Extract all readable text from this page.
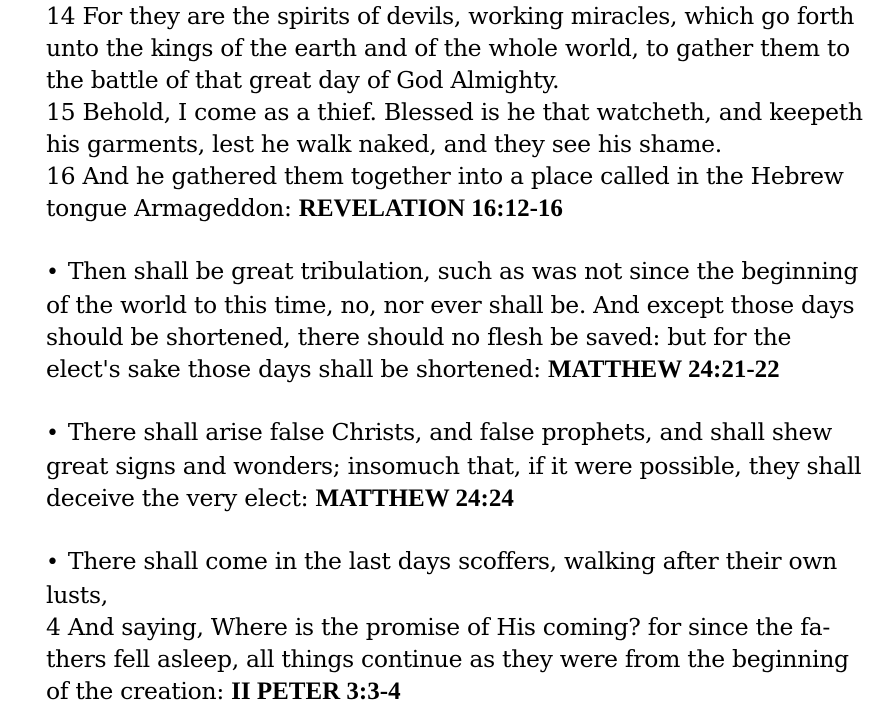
14 For they are the spirits of devils, working miracles, which go forth
unto the kings of the earth and of the whole world, to gather them to
the battle of that great day of God Almighty.
15 Behold, I come as a thief. Blessed is he that watcheth, and keepeth
his garments, lest he walk naked, and they see his shame.
16 And he gathered them together into a place called in the Hebrew
tongue Armageddon: REVELATION 16:12-16
• Then shall be great tribulation, such as was not since the beginning
of the world to this time, no, nor ever shall be. And except those days
should be shortened, there should no flesh be saved: but for the
elect's sake those days shall be shortened: MATTHEW 24:21-22
• There shall arise false Christs, and false prophets, and shall shew
great signs and wonders; insomuch that, if it were possible, they shall
deceive the very elect: MATTHEW 24:24
• There shall come in the last days scoffers, walking after their own
lusts,
4 And saying, Where is the promise of His coming? for since the fa-
thers fell asleep, all things continue as they were from the beginning
of the creation: II PETER 3:3-4
